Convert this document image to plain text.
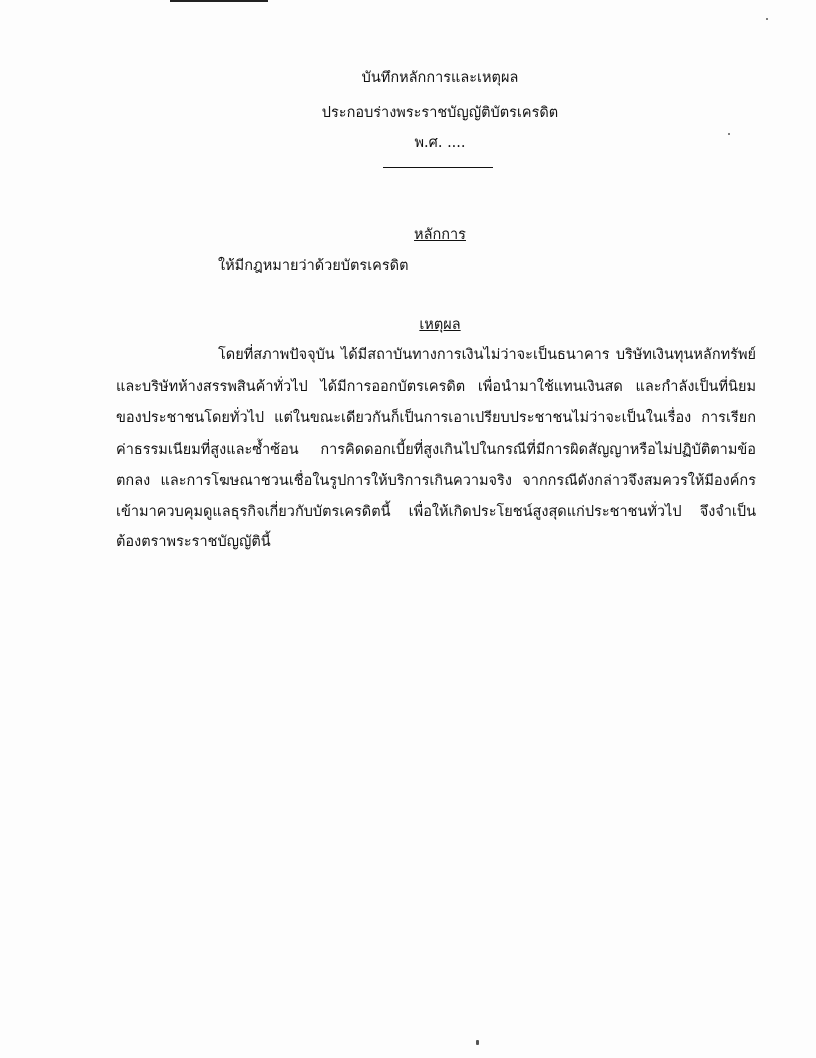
บันทึกหลักการและเหตุผล
ประกอบร่างพระราชบัญญัติบัตรเครดิต
พ.ศ. ....
หลักการ
ให้มีกฎหมายว่าด้วยบัตรเครดิต
เหตุผล
โดยที่สภาพปัจจุบัน ได้มีสถาบันทางการเงินไม่ว่าจะเป็นธนาคาร บริษัทเงินทุนหลักทรัพย์
และบริษัทห้างสรรพสินค้าทั่วไป ได้มีการออกบัตรเครดิต เพื่อนำมาใช้แทนเงินสด และกำลังเป็นที่นิยม
ของประชาชนโดยทั่วไป แต่ในขณะเดียวกันก็เป็นการเอาเปรียบประชาชนไม่ว่าจะเป็นในเรื่อง การเรียก
ค่าธรรมเนียมที่สูงและซ้ำซ้อน การคิดดอกเบี้ยที่สูงเกินไปในกรณีที่มีการผิดสัญญาหรือไม่ปฏิบัติตามข้อ
ตกลง และการโฆษณาชวนเชื่อในรูปการให้บริการเกินความจริง จากกรณีดังกล่าวจึงสมควรให้มีองค์กร
เข้ามาควบคุมดูแลธุรกิจเกี่ยวกับบัตรเครดิตนี้ เพื่อให้เกิดประโยชน์สูงสุดแก่ประชาชนทั่วไป จึงจำเป็น
ต้องตราพระราชบัญญัตินี้
